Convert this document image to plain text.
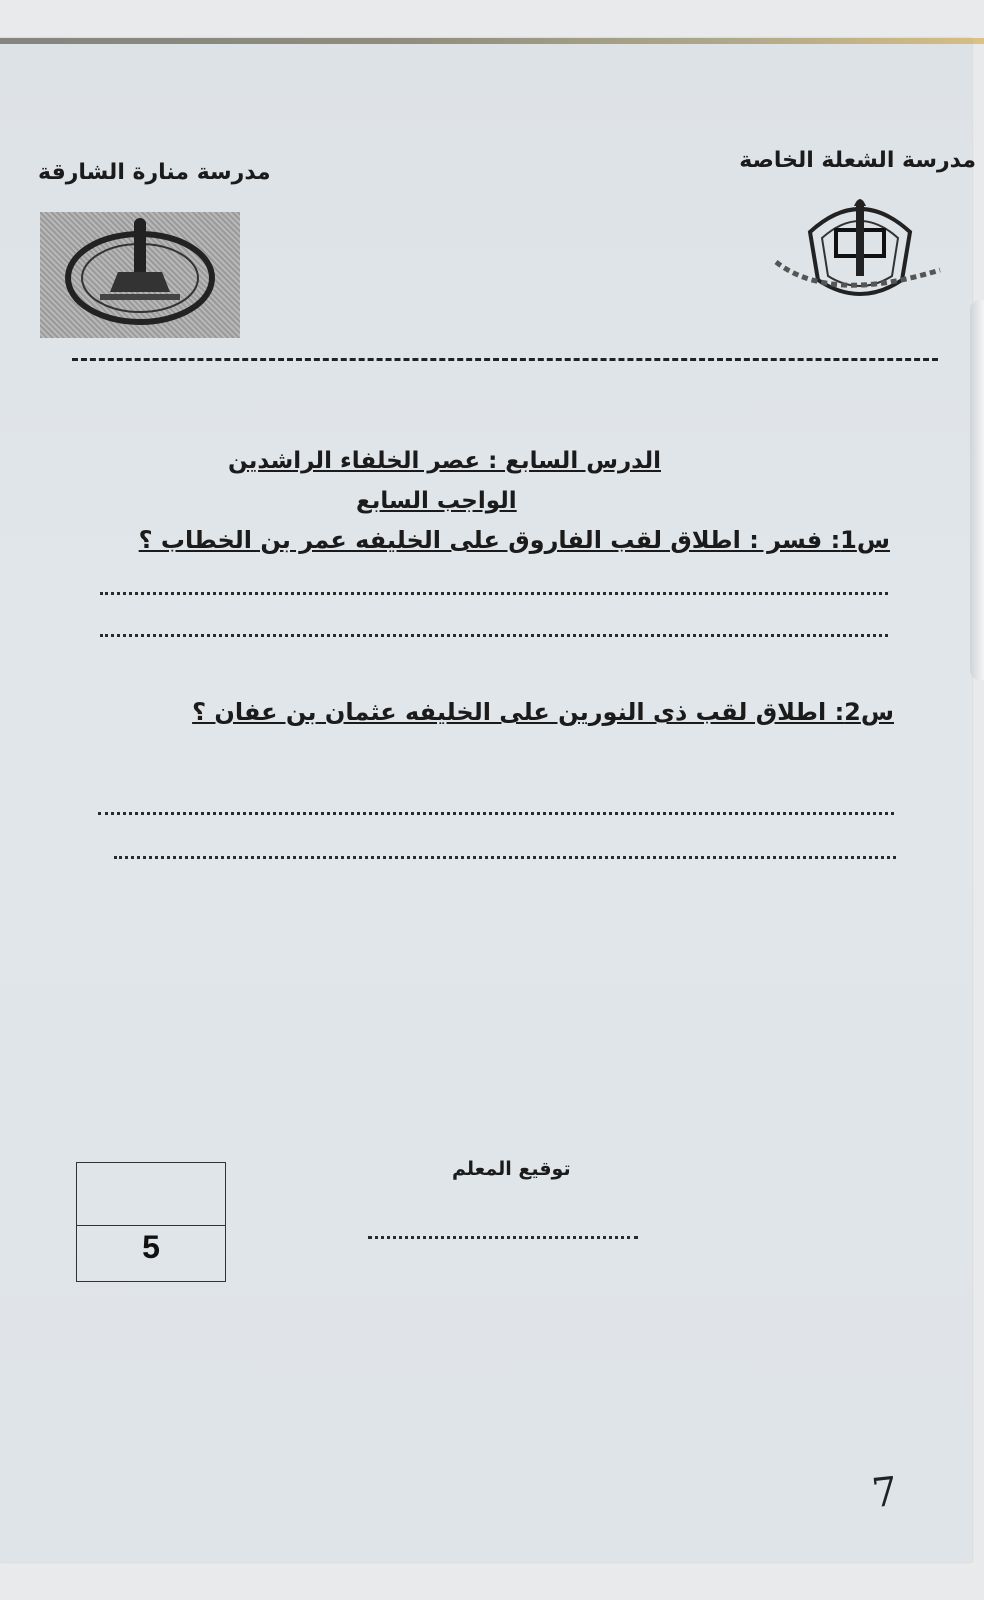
مدرسة الشعلة الخاصة
مدرسة منارة الشارقة
الدرس السابع : عصر الخلفاء الراشدين
الواجب السابع
س1: فسر : اطلاق لقب الفاروق على الخليفه عمر بن الخطاب ؟
س2: اطلاق لقب ذى النورين على الخليفه عثمان بن عفان ؟
توقيع المعلم
5
7
